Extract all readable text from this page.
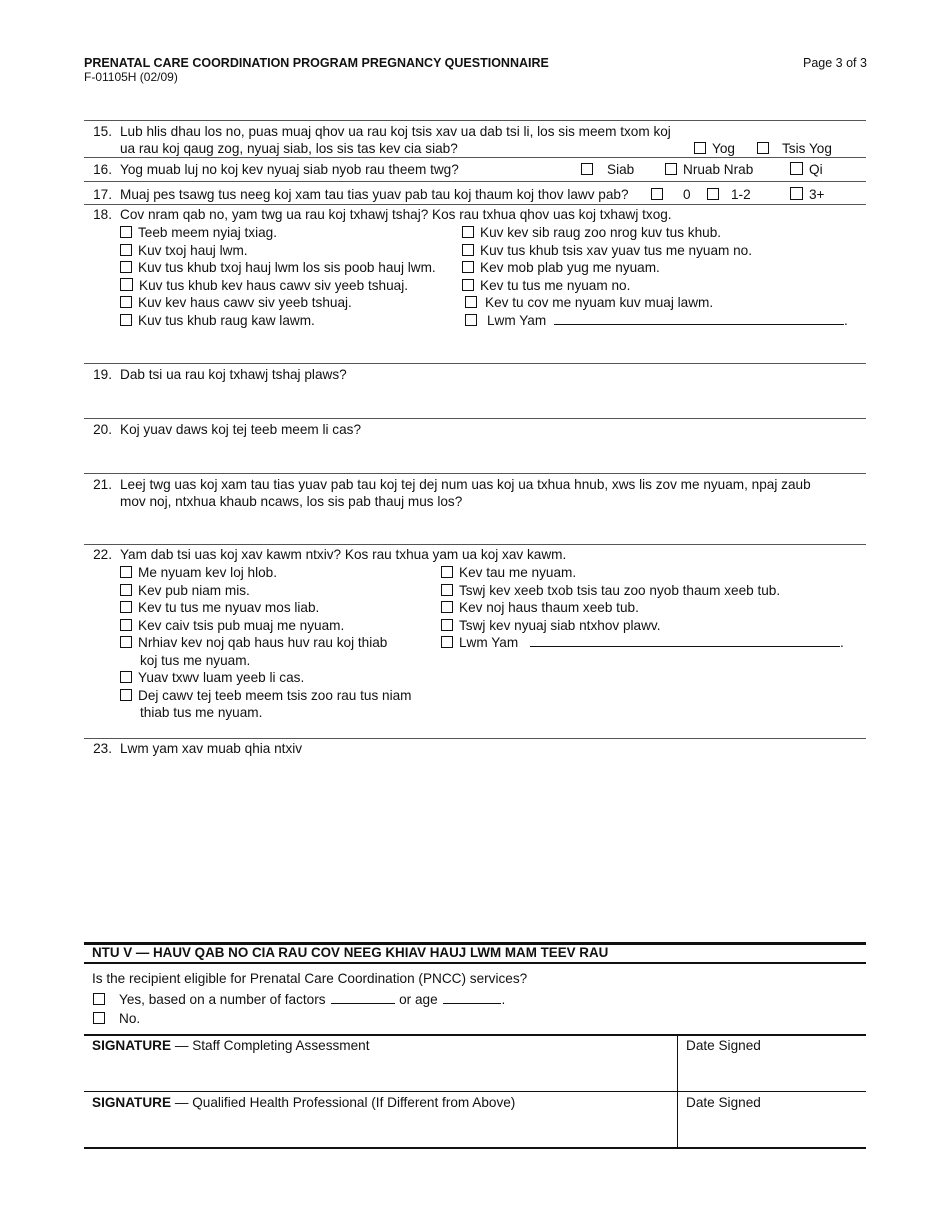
PRENATAL CARE COORDINATION PROGRAM PREGNANCY QUESTIONNAIRE
F-01105H (02/09)
Page 3 of 3
15. Lub hlis dhau los no, puas muaj qhov ua rau koj tsis xav ua dab tsi li, los sis meem txom koj
ua rau koj qaug zog, nyuaj siab, los sis tas kev cia siab?	Yog	Tsis Yog
16. Yog muab luj no koj kev nyuaj siab nyob rau theem twg?	Siab	Nruab Nrab	Qi
17. Muaj pes tsawg tus neeg koj xam tau tias yuav pab tau koj thaum koj thov lawv pab?	0	1-2	3+
18. Cov nram qab no, yam twg ua rau koj txhawj tshaj? Kos rau txhua qhov uas koj txhawj txog.
Teeb meem nyiaj txiag.
Kuv txoj hauj lwm.
Kuv tus khub txoj hauj lwm los sis poob hauj lwm.
Kuv tus khub kev haus cawv siv yeeb tshuaj.
Kuv kev haus cawv siv yeeb tshuaj.
Kuv tus khub raug kaw lawm.
Kuv kev sib raug zoo nrog kuv tus khub.
Kuv tus khub tsis xav yuav tus me nyuam no.
Kev mob plab yug me nyuam.
Kev tu tus me nyuam no.
Kev tu cov me nyuam kuv muaj lawm.
Lwm Yam	.
19. Dab tsi ua rau koj txhawj tshaj plaws?
20. Koj yuav daws koj tej teeb meem li cas?
21. Leej twg uas koj xam tau tias yuav pab tau koj tej dej num uas koj ua txhua hnub, xws lis zov me nyuam, npaj zaub
mov noj, ntxhua khaub ncaws, los sis pab thauj mus los?
22. Yam dab tsi uas koj xav kawm ntxiv? Kos rau txhua yam ua koj xav kawm.
Me nyuam kev loj hlob.
Kev pub niam mis.
Kev tu tus me nyuav mos liab.
Kev caiv tsis pub muaj me nyuam.
Nrhiav kev noj qab haus huv rau koj thiab
koj tus me nyuam.
Yuav txwv luam yeeb li cas.
Dej cawv tej teeb meem tsis zoo rau tus niam
thiab tus me nyuam.
Kev tau me nyuam.
Tswj kev xeeb txob tsis tau zoo nyob thaum xeeb tub.
Kev noj haus thaum xeeb tub.
Tswj kev nyuaj siab ntxhov plawv.
Lwm Yam	.
23. Lwm yam xav muab qhia ntxiv
NTU V — HAUV QAB NO CIA RAU COV NEEG KHIAV HAUJ LWM MAM TEEV RAU
Is the recipient eligible for Prenatal Care Coordination (PNCC) services?
Yes, based on a number of factors	or age	.
No.
SIGNATURE — Staff Completing Assessment	Date Signed
SIGNATURE — Qualified Health Professional (If Different from Above)	Date Signed
